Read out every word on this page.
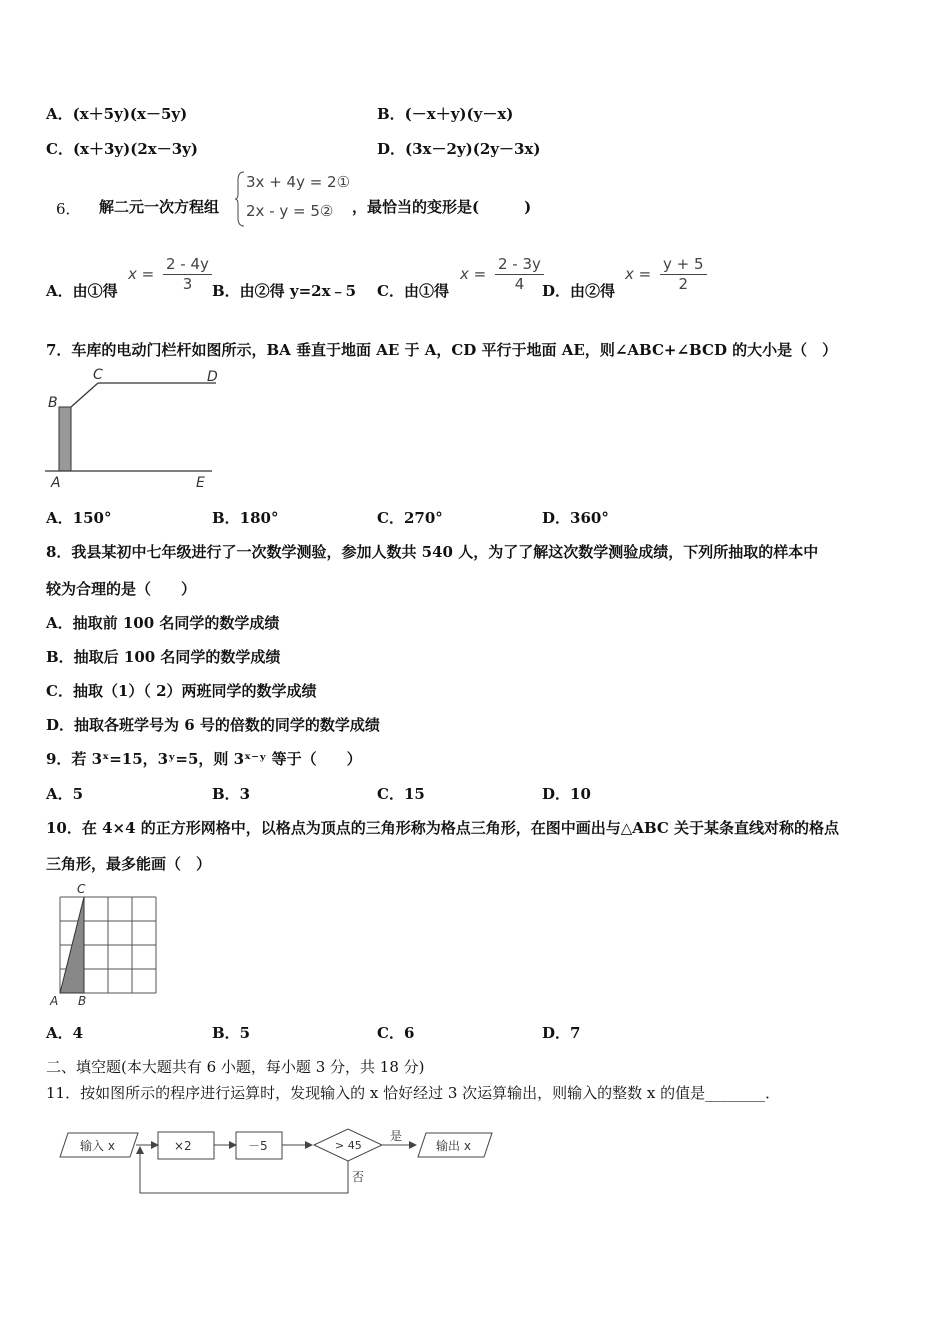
A．(x＋5y)(x－5y)	B．(－x＋y)(y－x)
C．(x＋3y)(2x－3y)	D．(3x－2y)(2y－3x)
6． 解二元一次方程组
3x + 4y = 2①
2x - y = 5② ，最恰当的变形是(　　　)
A．由①得
$x = \frac{2 - 4y}{3}$ B．由②得 y=2x﹣5 C．由①得
$x = \frac{2 - 3y}{4}$
D．由②得
$x = \frac{y + 5}{2}$
7．车库的电动门栏杆如图所示，BA 垂直于地面 AE 于 A，CD 平行于地面 AE，则∠ABC+∠BCD 的大小是（　）
B
C	D
A	E
A．150°	B．180°	C．270°	D．360°
8．我县某初中七年级进行了一次数学测验，参加人数共 540 人，为了了解这次数学测验成绩，下列所抽取的样本中
较为合理的是（　　）
A．抽取前 100 名同学的数学成绩
B．抽取后 100 名同学的数学成绩
C．抽取（1）（ 2）两班同学的数学成绩
D．抽取各班学号为 6 号的倍数的同学的数学成绩
9．若 3ˣ=15，3ʸ=5，则 3ˣ⁻ʸ 等于（　　）
A．5	B．3	C．15	D．10
10．在 4×4 的正方形网格中，以格点为顶点的三角形称为格点三角形，在图中画出与△ABC 关于某条直线对称的格点
三角形，最多能画（　）
C
A B
A．4	B．5	C．6	D．7
二、填空题(本大题共有 6 小题，每小题 3 分，共 18 分)
11．按如图所示的程序进行运算时，发现输入的 x 恰好经过 3 次运算输出，则输入的整数 x 的值是________．
输入 x	×2	－5	> 45
是
输出 x
否
